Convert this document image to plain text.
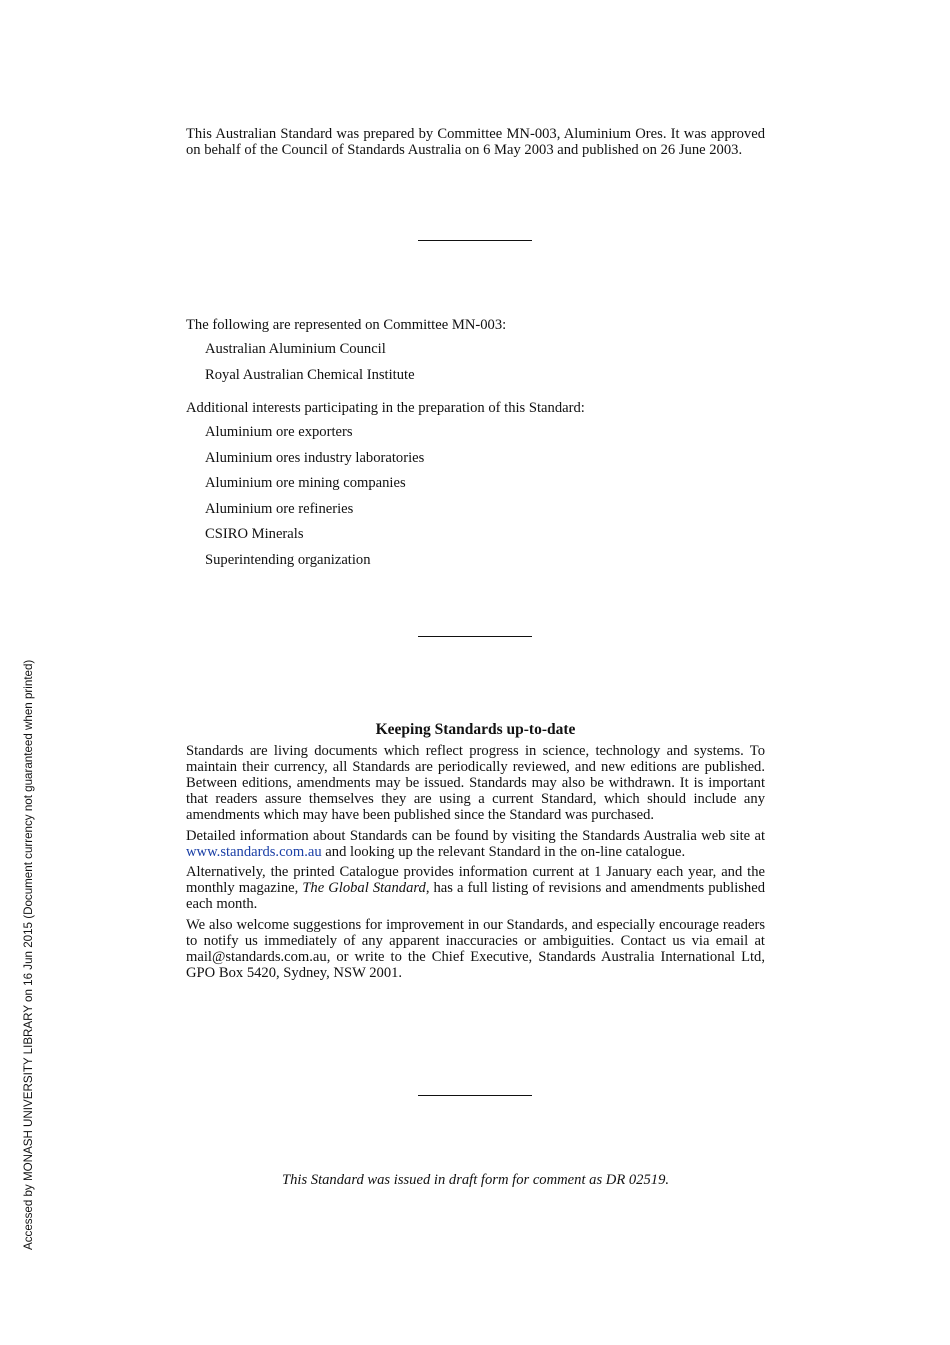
This Australian Standard was prepared by Committee MN-003, Aluminium Ores. It was approved on behalf of the Council of Standards Australia on 6 May 2003 and published on 26 June 2003.
The following are represented on Committee MN-003:
Australian Aluminium Council
Royal Australian Chemical Institute
Additional interests participating in the preparation of this Standard:
Aluminium ore exporters
Aluminium ores industry laboratories
Aluminium ore mining companies
Aluminium ore refineries
CSIRO Minerals
Superintending organization
Keeping Standards up-to-date

Standards are living documents which reflect progress in science, technology and systems. To maintain their currency, all Standards are periodically reviewed, and new editions are published. Between editions, amendments may be issued. Standards may also be withdrawn. It is important that readers assure themselves they are using a current Standard, which should include any amendments which may have been published since the Standard was purchased.

Detailed information about Standards can be found by visiting the Standards Australia web site at www.standards.com.au and looking up the relevant Standard in the on-line catalogue.

Alternatively, the printed Catalogue provides information current at 1 January each year, and the monthly magazine, The Global Standard, has a full listing of revisions and amendments published each month.

We also welcome suggestions for improvement in our Standards, and especially encourage readers to notify us immediately of any apparent inaccuracies or ambiguities. Contact us via email at mail@standards.com.au, or write to the Chief Executive, Standards Australia International Ltd, GPO Box 5420, Sydney, NSW 2001.

This Standard was issued in draft form for comment as DR 02519.
Accessed by MONASH UNIVERSITY LIBRARY on 16 Jun 2015 (Document currency not guaranteed when printed)
